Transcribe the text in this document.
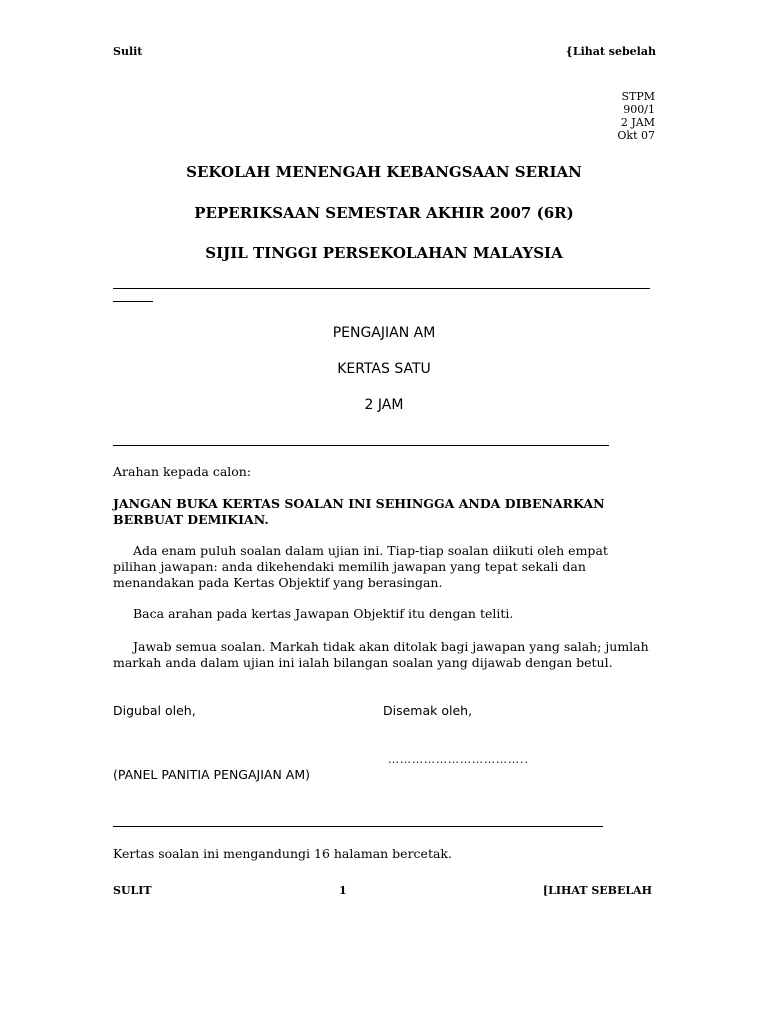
Sulit	{Lihat sebelah
STPM
900/1
2 JAM
Okt 07
SEKOLAH MENENGAH KEBANGSAAN SERIAN
PEPERIKSAAN SEMESTAR AKHIR 2007 (6R)
SIJIL TINGGI PERSEKOLAHAN MALAYSIA
PENGAJIAN AM
KERTAS SATU
2 JAM
Arahan kepada calon:
JANGAN BUKA KERTAS SOALAN INI SEHINGGA ANDA DIBENARKAN BERBUAT DEMIKIAN.
Ada enam puluh soalan dalam ujian ini. Tiap-tiap soalan diikuti oleh empat pilihan jawapan: anda dikehendaki memilih jawapan yang tepat sekali dan menandakan pada Kertas Objektif yang berasingan.
Baca arahan pada kertas Jawapan Objektif itu dengan teliti.
Jawab semua soalan. Markah tidak akan ditolak bagi jawapan yang salah; jumlah markah anda dalam ujian ini ialah bilangan soalan yang dijawab dengan betul.
Digubal oleh,	Disemak oleh,
……………………………..
(PANEL PANITIA PENGAJIAN AM)
Kertas soalan ini mengandungi 16 halaman bercetak.
SULIT	1	[LIHAT SEBELAH
